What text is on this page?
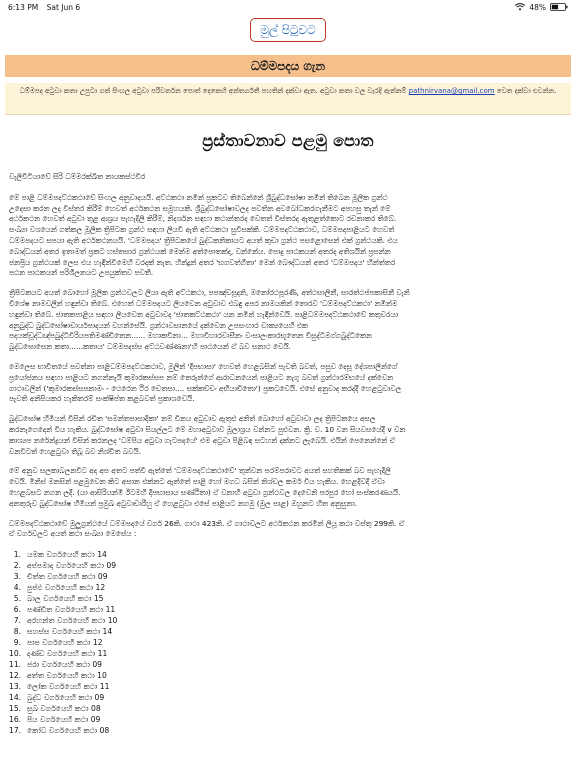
6:13 PM Sat Jun 6	48%
මුල් පිටුවට
ධම්මපදය ගැන
ධම්මපද අටුවා කතා උපුටා ගත් සිංහල අටුවා පරිවර්තන පොත් දෙකෙහි අන්තර්ගතී පහතින් දක්වා ඇත. අටුවා කතා වල වැරදි ඇත්නම් pathnirvana@gmail.com වෙත දක්වා එවන්න.
ප්‍රස්තාවනාව පළමු පොත
වැලිවිටියාවේ සිරි ධම්මරක්ඛිත නායකස්ථවිර
මේ පාළි ධම්මපදට්ඨකථාවේ සිංහල අනුවාදයයි. අට්ඨකථා නමින් ප්‍රකටව තිබෙන්නේ ශ්‍රීබුද්ධඝෝෂා නමින් තිබෙන මූලික ග්‍රන්ථ
උදෙසා කරන ලද විස්තර කිරීම් හෙවත් අර්ථකථන සමූහයකි. ශ්‍රීබුද්ධඝෝෂාවලද පවතින අවබෝධකරගැනීමට අපහසු තැන් මේ
අර්ථකථන හෙවත් අටුවා තුළ ආශ්‍රය පැහැදිලි කිරීම්, නිදර්ශන සඳහා කථාන්තරද වෙතත් විස්තරද ඇතුළත්කොට රචනාකර තිබේ.
සංඛ්‍යා වශයෙන් ගත්කල මූලික ත්‍රිපිටක ග්‍රන්ථ සඳහා ලියවී ඇති අට්ඨකථා සුවිසක්කි. ධම්මපදට්ඨකථාව, ධම්මපදපාළියට හෙවත්
ධම්මපදයට සපයා ඇති අර්ථකථනයයි. 'ධම්මපදය' ත්‍රිපිටකයේ බුද්ධකනිකායට අයත් කුඩා ග්‍රන්ථ පසළොසෙන් එක් ග්‍රන්ථයකි. එය
බොද්ධයන් අතර ඉතාමත් ප්‍රකට හස්තසාර ග්‍රන්ථයක් මෙන්ම අත්පොතක්ද, වන්නේය. පොදු පාඨකයන් අතරද අතිශයින් ප්‍රසන්න
ජනප්‍රිය ග්‍රන්ථයක් ලෙස එය හැඳින්විමෙහි වරදක් නැත. හින්දූන් අතර 'භගවත්ගීතා' මෙන් බෞද්ධයන් අතර 'ධම්මපදය' හින්ත්තර
පඨන පාඨකයන් පරිශීලනයට උපයුක්තව පවතී.
ත්‍රිපිටකයට අයත් බොහෝ මූලික ග්‍රන්ථවලට ලියා ඇති අට්ඨකථා, පපඤ්චසූදනි, මනෝරථපූරණි, අත්ථසාලිනී, සාරත්ථප්පකාසිනී වැනි
විශේෂ නාමවලින් හඳුන්වා තිබේ. එහෙත් ධම්මපදයට ලියවෙන අටුවාව එබඳු අපර නාමයකින් තොරව 'ධම්මපදට්ඨකථා' නමින්ම
හඳුන්වා තිබේ. ජාතකපාළිය සඳහා ලියවෙන අටුවාවද 'ජාතකට්ඨකථා' යන නමින් හැඳින්වෙයි. පාළිධම්මපදට්ඨකථාවේ කතුවරයා
අනුබුද්ධ බුද්ධඝෝෂාචාර්යපාදයන් වහන්සේයි. ග්‍රන්ථාවසානයේ දක්වෙන උපසංහාර වාක්‍යයෙහි එක
පදයක්වූද්ධඥ්පබුද්ධිවිරියපතිමණ්ඩිතෙන...... මහාකවිනා... මහාවිහාරවාසීනං වංසාලංකාරභූතෙන විසුද්ධිමග්ගබුද්ධිකෙන
බුද්ධඝොසෙන කතා......කතාය' ධම්මපදස්ස අට්ඨවණ්ණනා'හි පාඨයෙන් ඒ බව සනාථ වෙයි.
මෙලෙස භාවිතයේ පවත්නා පාළිධම්මපදට්ඨකථාව, මුලින් 'දීපභාසා' හෙවත් හෙළබසින් පැවති බවත්, පසුව දෙසූ දේශපාලීන්ගේ
ප්‍රයෝජනය සඳහා පාළියට නගන්නැයි කුමාරකස්සප නම් තෙරුන්ගේ ආරාධනයෙන් පාළියට නැගූ බවත් ග්‍රන්ථාරම්භයේ දක්වෙන
ගාථාවලින් ('කුමාරකස්සපනාමං - ථෙරෙන ථිර චෙතසා.... සක්කච්චං අභියාචිතො') ප්‍රකටවෙයි. එසේ අනුවාද කරද්දී හෙළටුවාවල
පැවති අනිසියකර හැකිතරම් සංක්ෂිප්ත කළබවත් ප්‍රකාශවෙයි.
බුද්ධඝෝෂ හිමියන් විසින් රචිත 'සමන්තපාසාදිකා' නම් විනය අටුවාව ඇතුළු අනිත් බොහෝ අටුවාවා ලද ත්‍රිපිටකයෙ අසල
කරනැගෙදෙන් විය හැකිය. බුද්ධඝෝෂ අටුවා සියල්ලට මේ මහාඅටුවාව මූලාශ්‍රය වන්නට පුළුවන. ක්‍රි. ව. 10 වන සියවසයේදී v වන
කාශ්‍යප නරේන්ද්‍රයන් විසින් කරනලද 'ධම්පිය අටුවා ගැටපදයේ' එම අටුවා පිළිබඳ සටහන් දක්නට ලැබෙයි. එයින් පෙනෙන්නේ ඒ
වනවිටත් හෙළටුවා තිබූ බව නිශ්චිත බවයි.
මේ අනුව සලකාබලනවිට අද අප අතට පත්වී ඇත්තේ 'ධම්මපදට්ඨකථාවේ' තුන්වන පරම්පරාවට අයත් සහතිකක් බව පැහැදිලි
වෙයි. මිනිස් මනසින් පළමුවෙන කිට අසාන එක්නට ඇත්තේ පාළි හෝ මගධ බසින් නිශ්චල කර්ම විය හැකිය. හෙළදිවදී ඒවා
හෙළබසට නගන ලදී. (යා ආසිරියන්මි ඊටමහි දීපභාසාය සණ්ඨිතා) ඒ වනාහි අටුවා ග්‍රන්ථවල දෙවෙනි පරපුර හෝ සංස්කරණයයි.
අනතුරුව බුද්ධඝෝෂ හිමියන් ප්‍රමුඛ අටුවාචාරීහු ඒ හෙළටුවා එසේ පාළියට නගමු (මුල පාළ) ඔහුනට හිත අනුසුනා.
ධම්මපදට්ඨකථාවේ මුලුග්‍රන්ථයේ ධම්මපදයේ වර්ග 26කි. ගාථා 423කි. ඒ ගාථාවලට අර්ථකථන කරමින් ලියූ කථා වස්තු 299කි. ඒ
ඒ වර්ගවලට අයත් කථා සංඛ්‍යා මෙසේය :
1. යමක වර්ගයෙහි කථා 14
2. අප්පමාද වර්ගයෙහි කථා 09
3. චිත්ත වර්ගයෙහි කථා 09
4. පුප්ඵ වර්ගයෙහි කථා 12
5. බාල වර්ගයෙහි කථා 15
6. පණ්ඩිත වර්ගයෙහි කථා 11
7. අරහන්ත වර්ගයෙහි කථා 10
8. සහස්ස වර්ගයෙහි කථා 14
9. පාප වර්ගයෙහි කථා 12
10. දණ්ඩ වර්ගයෙහි කථා 11
11. ජරා වර්ගයෙහි කථා 09
12. අත්ත වර්ගයෙහි කථා 10
13. ලෝක වර්ගයෙහි කථා 11
14. බුද්ධ වර්ගයෙහි කථා 09
15. සුඛ වර්ගයෙහි කථා 08
16. පිය වර්ගයෙහි කථා 09
17. කෝධ වර්ගයෙහි කථා 08
